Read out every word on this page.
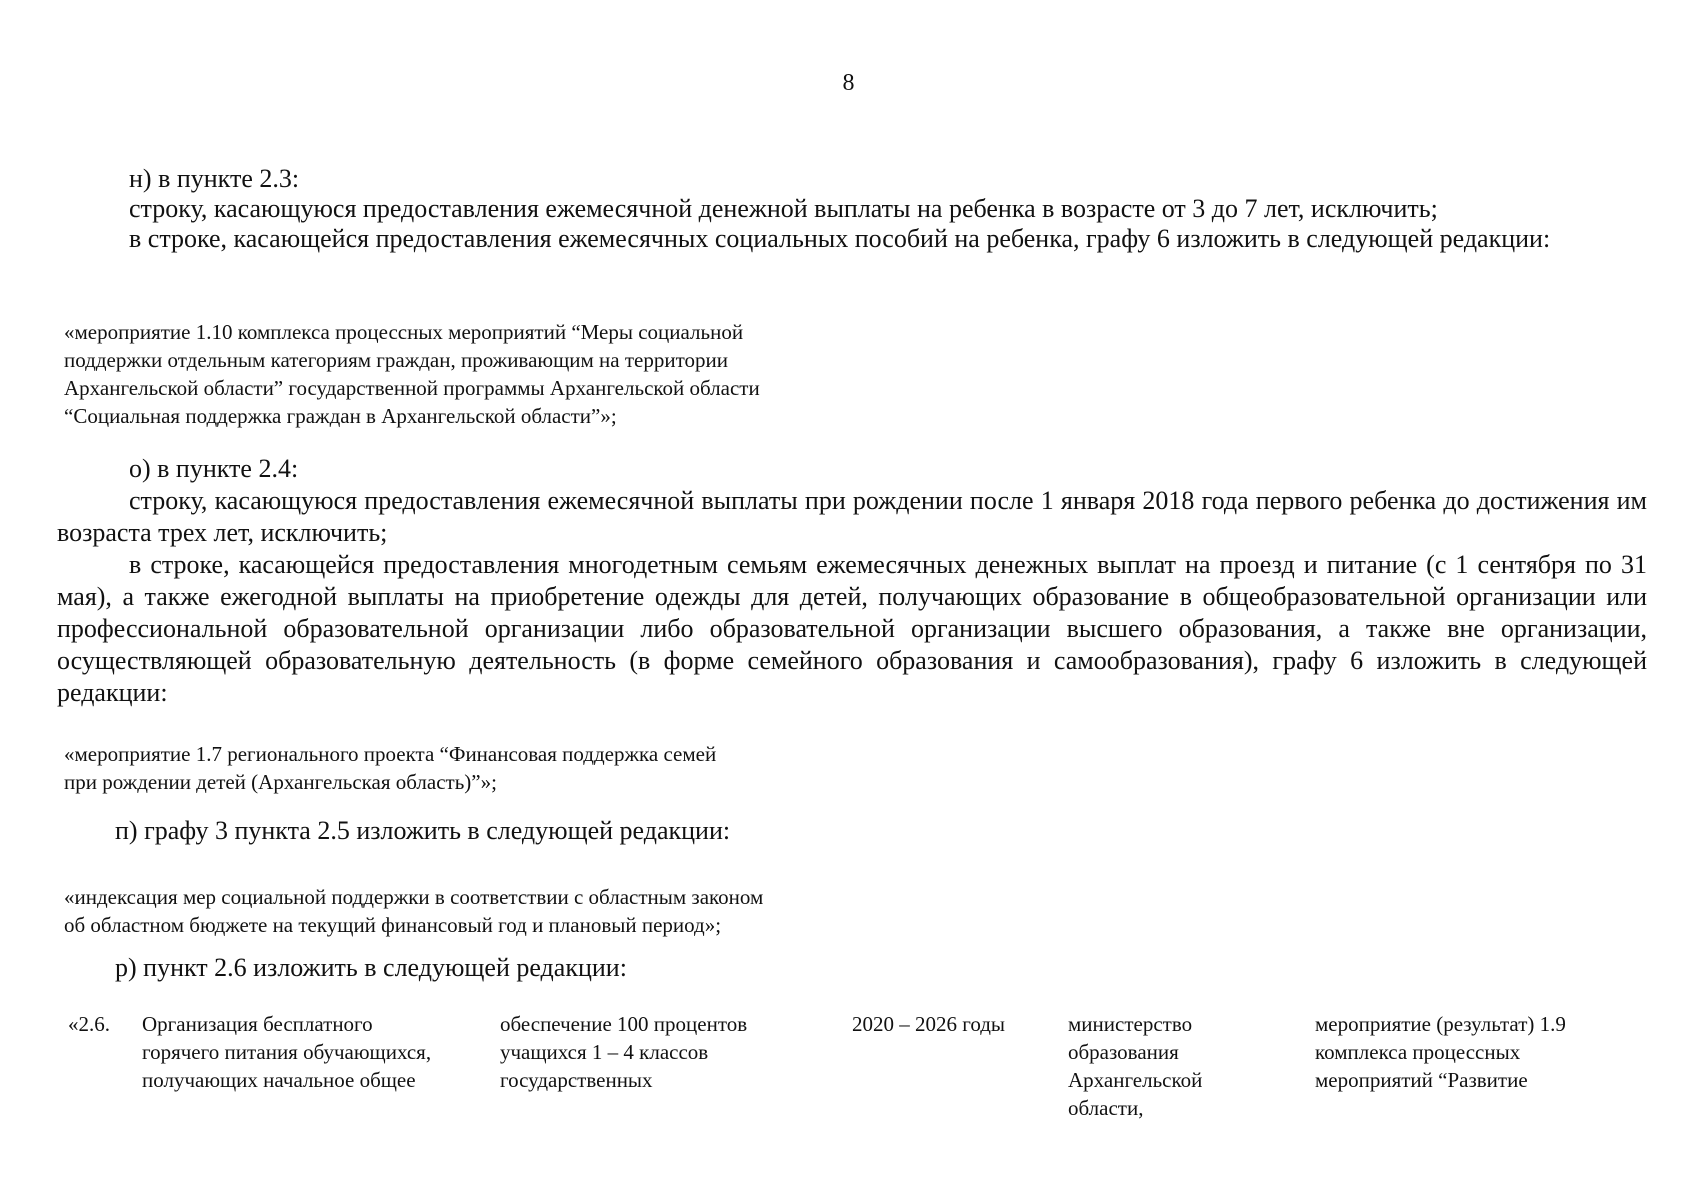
8
н) в пункте 2.3:
строку, касающуюся предоставления ежемесячной денежной выплаты на ребенка в возрасте от 3 до 7 лет, исключить;
в строке, касающейся предоставления ежемесячных социальных пособий на ребенка, графу 6 изложить в следующей редакции:
«мероприятие 1.10 комплекса процессных мероприятий “Меры социальной
поддержки отдельным категориям граждан, проживающим на территории
Архангельской области” государственной программы Архангельской области
“Социальная поддержка граждан в Архангельской области”»;
о) в пункте 2.4:
строку, касающуюся предоставления ежемесячной выплаты при рождении после 1 января 2018 года первого ребенка до достижения им возраста трех лет, исключить;
в строке, касающейся предоставления многодетным семьям ежемесячных денежных выплат на проезд и питание (с 1 сентября по 31 мая), а также ежегодной выплаты на приобретение одежды для детей, получающих образование в общеобразовательной организации или профессиональной образовательной организации либо образовательной организации высшего образования, а также вне организации, осуществляющей образовательную деятельность (в форме семейного образования и самообразования), графу 6 изложить в следующей редакции:
«мероприятие 1.7 регионального проекта “Финансовая поддержка семей
при рождении детей (Архангельская область)”»;
п) графу 3 пункта 2.5 изложить в следующей редакции:
«индексация мер социальной поддержки в соответствии с областным законом
об областном бюджете на текущий финансовый год и плановый период»;
р) пункт 2.6 изложить в следующей редакции:
«2.6. Организация бесплатного
горячего питания обучающихся,
получающих начальное общее
обеспечение 100 процентов
учащихся 1 – 4 классов
государственных
2020 – 2026 годы	министерство
образования
Архангельской
области,
мероприятие (результат) 1.9
комплекса процессных
мероприятий “Развитие
